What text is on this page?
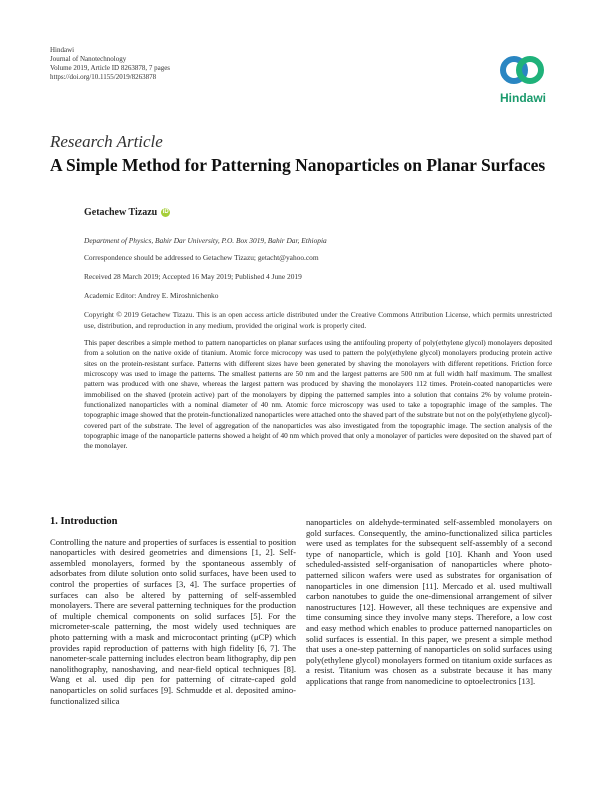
Hindawi
Journal of Nanotechnology
Volume 2019, Article ID 8263878, 7 pages
https://doi.org/10.1155/2019/8263878
Hindawi
Research Article
A Simple Method for Patterning Nanoparticles on Planar Surfaces
Getachew Tizazu iD
Department of Physics, Bahir Dar University, P.O. Box 3019, Bahir Dar, Ethiopia
Correspondence should be addressed to Getachew Tizazu; getacht@yahoo.com
Received 28 March 2019; Accepted 16 May 2019; Published 4 June 2019
Academic Editor: Andrey E. Miroshnichenko
Copyright © 2019 Getachew Tizazu. This is an open access article distributed under the Creative Commons Attribution License, which permits unrestricted use, distribution, and reproduction in any medium, provided the original work is properly cited.
This paper describes a simple method to pattern nanoparticles on planar surfaces using the antifouling property of poly(ethylene glycol) monolayers deposited from a solution on the native oxide of titanium. Atomic force microcopy was used to pattern the poly(ethylene glycol) monolayers producing protein active sites on the protein-resistant surface. Patterns with different sizes have been generated by shaving the monolayers with different repetitions. Friction force microscopy was used to image the patterns. The smallest patterns are 50 nm and the largest patterns are 500 nm at full width half maximum. The smallest pattern was produced with one shave, whereas the largest pattern was produced by shaving the monolayers 112 times. Protein-coated nanoparticles were immobilised on the shaved (protein active) part of the monolayers by dipping the patterned samples into a solution that contains 2% by volume protein-functionalized nanoparticles with a nominal diameter of 40 nm. Atomic force microscopy was used to take a topographic image of the samples. The topographic image showed that the protein-functionalized nanoparticles were attached onto the shaved part of the substrate but not on the poly(ethylene glycol)-covered part of the substrate. The level of aggregation of the nanoparticles was also investigated from the topographic image. The section analysis of the topographic image of the nanoparticle patterns showed a height of 40 nm which proved that only a monolayer of particles were deposited on the shaved part of the monolayer.
1. Introduction

Controlling the nature and properties of surfaces is essential to position nanoparticles with desired geometries and dimensions [1, 2]. Self-assembled monolayers, formed by the spontaneous assembly of adsorbates from dilute solution onto solid surfaces, have been used to control the properties of surfaces [3, 4]. The surface properties of surfaces can also be altered by patterning of self-assembled monolayers. There are several patterning techniques for the production of multiple chemical components on solid surfaces [5]. For the micrometer-scale patterning, the most widely used techniques are photo patterning with a mask and microcontact printing (μCP) which provides rapid reproduction of patterns with high fidelity [6, 7]. The nanometer-scale patterning includes electron beam lithography, dip pen nanolithography, nanoshaving, and near-field optical techniques [8]. Wang et al. used dip pen for patterning of citrate-caped gold nanoparticles on solid surfaces [9]. Schmudde et al. deposited amino-functionalized silica

nanoparticles on aldehyde-terminated self-assembled monolayers on gold surfaces. Consequently, the amino-functionalized silica particles were used as templates for the subsequent self-assembly of a second type of nanoparticle, which is gold [10]. Khanh and Yoon used scheduled-assisted self-organisation of nanoparticles where photo-patterned silicon wafers were used as substrates for organisation of nanoparticles in one dimension [11]. Mercado et al. used multiwall carbon nanotubes to guide the one-dimensional arrangement of silver nanostructures [12]. However, all these techniques are expensive and time consuming since they involve many steps. Therefore, a low cost and easy method which enables to produce patterned nanoparticles on solid surfaces is essential. In this paper, we present a simple method that uses a one-step patterning of nanoparticles on solid surfaces using poly(ethylene glycol) monolayers formed on titanium oxide surfaces as a resist. Titanium was chosen as a substrate because it has many applications that range from nanomedicine to optoelectronics [13].
